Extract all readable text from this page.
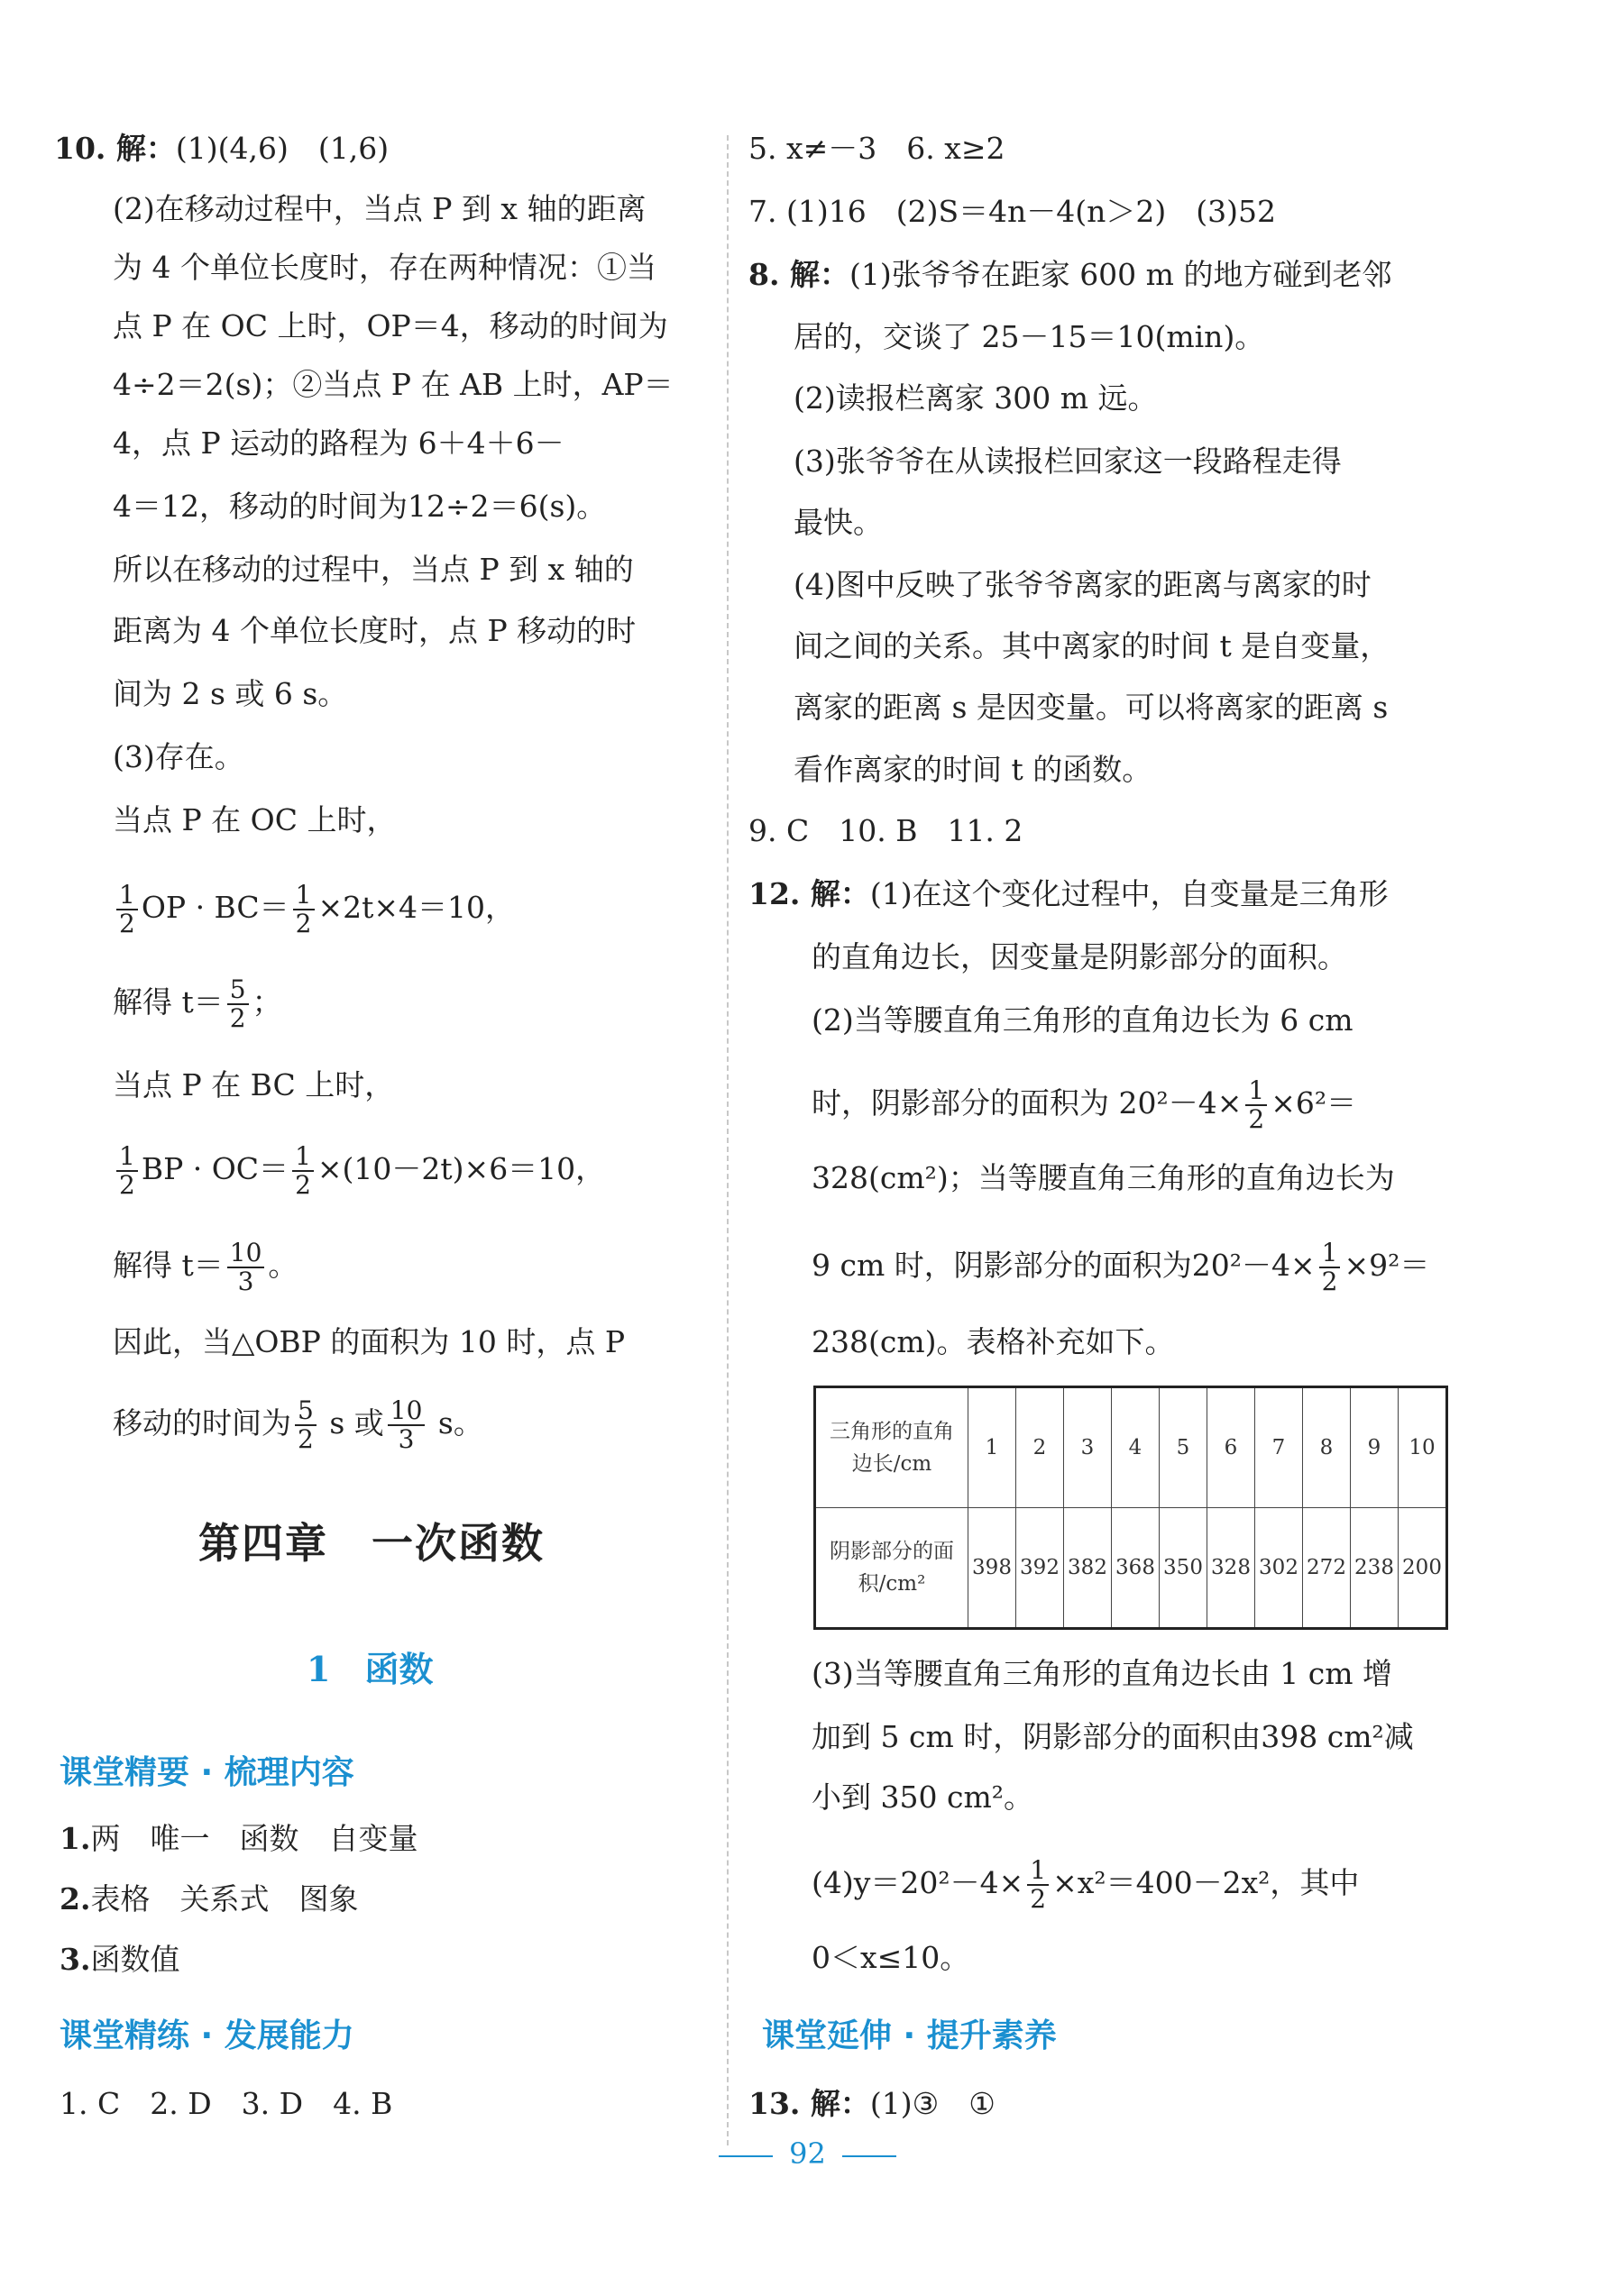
10. 解：(1)(4,6)　(1,6)
(2)在移动过程中，当点 P 到 x 轴的距离
为 4 个单位长度时，存在两种情况：①当
点 P 在 OC 上时，OP＝4，移动的时间为
4÷2＝2(s)；②当点 P 在 AB 上时，AP＝
4，点 P 运动的路程为 6＋4＋6－
4＝12，移动的时间为12÷2＝6(s)。
所以在移动的过程中，当点 P 到 x 轴的
距离为 4 个单位长度时，点 P 移动的时
间为 2 s 或 6 s。
(3)存在。
当点 P 在 OC 上时，
$\frac{1}{2}$ OP · $BC= \frac{1}{2} \times 2t\times 4=10$，
解得 $t= \frac{5}{2}$ ；
当点 P 在 BC 上时，
$\frac{1}{2}$ BP · $OC= \frac{1}{2} \times(10-2t)\times 6=10$，
解得 $t= \frac{10}{3}$ 。
因此，当△OBP 的面积为 10 时，点 P
移动的时间为 $\frac{5}{2}$ s 或 $\frac{10}{3}$ s。
第四章　一次函数
1　 函数
课堂精要 · 梳理内容
1.两　唯一　函数　自变量
2.表格　关系式　图象
3.函数值
课堂精练 · 发展能力
1. C　2. D　3. D　4. B
5. x≠－3　6. x≥2
7. (1)16　(2)S＝4n－4(n＞2)　(3)52
8. 解：(1)张爷爷在距家 600 m 的地方碰到老邻
居的，交谈了 25－15＝10(min)。
(2)读报栏离家 300 m 远。
(3)张爷爷在从读报栏回家这一段路程走得
最快。
(4)图中反映了张爷爷离家的距离与离家的时
间之间的关系。其中离家的时间 t 是自变量，
离家的距离 s 是因变量。可以将离家的距离 s
看作离家的时间 t 的函数。
9. C　10. B　11. 2
12. 解：(1)在这个变化过程中，自变量是三角形
的直角边长，因变量是阴影部分的面积。
(2)当等腰直角三角形的直角边长为 6 cm
时，阴影部分的面积为 $20^2-4\times \frac{1}{2} \times 6^2=$
328(cm²)；当等腰直角三角形的直角边长为
9 cm 时，阴影部分的面积为$20^2-4\times \frac{1}{2} \times 9^2=$
238(cm)。表格补充如下。
三角形的直角边长/cm	1	2	3	4	5	6	7	8	9	10
阴影部分的面积/cm²	398	392	382	368	350	328	302	272	238	200
(3)当等腰直角三角形的直角边长由 1 cm 增
加到 5 cm 时，阴影部分的面积由398 cm²减
小到 350 cm²。
$(4)y=20^2-4\times \frac{1}{2} \times x^2=400-2x^2$，其中
0＜x≤10。
课堂延伸 · 提升素养
13. 解：(1)③　①
92
